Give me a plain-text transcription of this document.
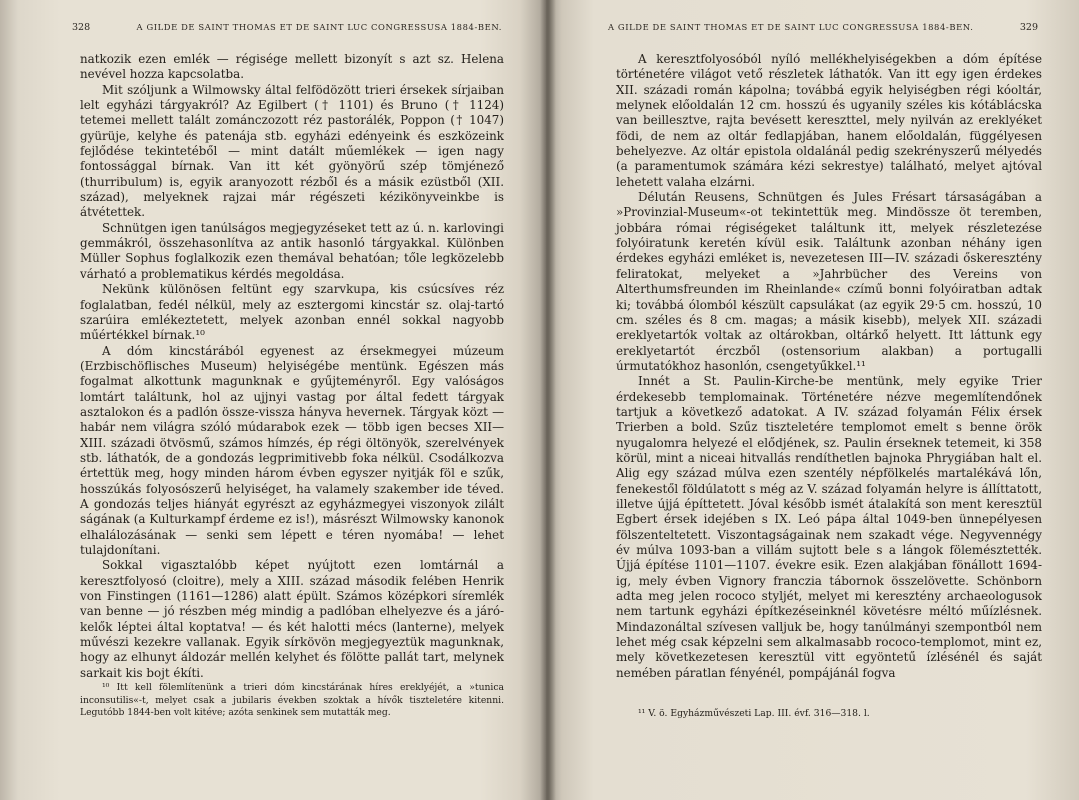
328	A GILDE DE SAINT THOMAS ET DE SAINT LUC CONGRESSUSA 1884-BEN.

natkozik ezen emlék — régisége mellett bizonyít s azt sz. Helena nevével hozza kapcsolatba.

Mit szóljunk a Wilmowsky által felfödözött trieri érsekek sírjaiban lelt egyházi tárgyakról? Az Egilbert († 1101) és Bruno († 1124) tetemei mellett talált zománczozott réz pastorálék, Poppon († 1047) gyürüje, kelyhe és patenája stb. egyházi edényeink és eszközeink fejlődése tekintetéből — mint datált műemlékek — igen nagy fontossággal bírnak. Van itt két gyönyörű szép tömjénező (thurribulum) is, egyik aranyozott rézből és a másik ezüstből (XII. század), melyeknek rajzai már régészeti kézikönyveinkbe is átvétettek.

Schnütgen igen tanúlságos megjegyzéseket tett az ú. n. karlovingi gemmákról, összehasonlítva az antik hasonló tárgyakkal. Különben Müller Sophus foglalkozik ezen themával behatóan; tőle legközelebb várható a problematikus kérdés megoldása.

Nekünk különösen feltünt egy szarvkupa, kis csúcsíves réz foglalatban, fedél nélkül, mely az esztergomi kincstár sz. olaj-tartó szarúira emlékeztetett, melyek azonban ennél sokkal nagyobb műértékkel bírnak.¹⁰

A dóm kincstárából egyenest az érsekmegyei múzeum (Erzbischöflisches Museum) helyiségébe mentünk. Egészen más fogalmat alkottunk magunknak e gyűjteményről. Egy valóságos lomtárt találtunk, hol az ujjnyi vastag por által fedett tárgyak asztalokon és a padlón össze-vissza hányva hevernek. Tárgyak közt — habár nem világra szóló múdarabok ezek — több igen becses XII—XIII. századi ötvösmű, számos hímzés, ép régi öltönyök, szerelvények stb. láthatók, de a gondozás legprimitivebb foka nélkül. Csodálkozva értettük meg, hogy minden három évben egyszer nyitják föl e szűk, hosszúkás folyosószerű helyiséget, ha valamely szakember ide téved. A gondozás teljes hiányát egyrészt az egyházmegyei viszonyok zilált ságának (a Kulturkampf érdeme ez is!), másrészt Wilmowsky kanonok elhalálozásának — senki sem lépett e téren nyomába! — lehet tulajdonítani.

Sokkal vigasztalóbb képet nyújtott ezen lomtárnál a keresztfolyosó (cloitre), mely a XIII. század második felében Henrik von Finstingen (1161—1286) alatt épült. Számos középkori síremlék van benne — jó részben még mindig a padlóban elhelyezve és a járó-kelők léptei által koptatva! — és két halotti mécs (lanterne), melyek művészi kezekre vallanak. Egyik sírkövön megjegyeztük magunknak, hogy az elhunyt áldozár mellén kelyhet és fölötte pallát tart, melynek sarkait kis bojt ékíti.

¹⁰ Itt kell fölemlítenünk a trieri dóm kincstárának híres ereklyéjét, a »tunica inconsutilis«-t, melyet csak a jubilaris években szoktak a hívők tiszteletére kitenni. Legutóbb 1844-ben volt kitéve; azóta senkinek sem mutatták meg.

A GILDE DE SAINT THOMAS ET DE SAINT LUC CONGRESSUSA 1884-BEN.	329

A keresztfolyosóból nyíló mellékhelyiségekben a dóm építése történetére világot vető részletek láthatók. Van itt egy igen érdekes XII. századi román kápolna; továbbá egyik helyiségben régi kóoltár, melynek előoldalán 12 cm. hosszú és ugyanily széles kis kótáblácska van beillesztve, rajta bevésett kereszttel, mely nyilván az ereklyéket födi, de nem az oltár fedlapjában, hanem előoldalán, függélyesen behelyezve. Az oltár epistola oldalánál pedig szekrényszerű mélyedés (a paramentumok számára kézi sekrestye) található, melyet ajtóval lehetett valaha elzárni.

Délután Reusens, Schnütgen és Jules Frésart társaságában a »Provinzial-Museum«-ot tekintettük meg. Mindössze öt teremben, jobbára római régiségeket találtunk itt, melyek részletezése folyóiratunk keretén kívül esik. Találtunk azonban néhány igen érdekes egyházi emléket is, nevezetesen III—IV. századi őskeresztény feliratokat, melyeket a »Jahrbücher des Vereins von Alterthumsfreunden im Rheinlande« czímű bonni folyóiratban adtak ki; továbbá ólomból készült capsulákat (az egyik 29·5 cm. hosszú, 10 cm. széles és 8 cm. magas; a másik kisebb), melyek XII. századi ereklyetartók voltak az oltárokban, oltárkő helyett. Itt láttunk egy ereklyetartót érczből (ostensorium alakban) a portugalli úrmutatókhoz hasonlón, csengetyűkkel.¹¹

Innét a St. Paulin-Kirche-be mentünk, mely egyike Trier érdekesebb templomainak. Történetére nézve megemlítendőnek tartjuk a következő adatokat. A IV. század folyamán Félix érsek Trierben a bold. Szűz tiszteletére templomot emelt s benne örök nyugalomra helyezé el elődjének, sz. Paulin érseknek tetemeit, ki 358 körül, mint a niceai hitvallás rendíthetlen bajnoka Phrygiában halt el. Alig egy század múlva ezen szentély népfölkelés martalékává lőn, fenekestől földúlatott s még az V. század folyamán helyre is állíttatott, illetve újjá építtetett. Jóval később ismét átalakítá son ment keresztül Egbert érsek idejében s IX. Leó pápa által 1049-ben ünnepélyesen fölszenteltetett. Viszontagságainak nem szakadt vége. Negyvennégy év múlva 1093-ban a villám sujtott bele s a lángok fölemésztették. Újjá építése 1101—1107. évekre esik. Ezen alakjában fönállott 1694-ig, mely évben Vignory franczia tábornok összelövette. Schönborn adta meg jelen rococo styljét, melyet mi keresztény archaeologusok nem tartunk egyházi építkezéseinknél követésre méltó műízlésnek. Mindazonáltal szívesen valljuk be, hogy tanúlmányi szempontból nem lehet még csak képzelni sem alkalmasabb rococo-templomot, mint ez, mely következetesen keresztül vitt egyöntetű ízlésénél és saját nemében páratlan fényénél, pompájánál fogva

¹¹ V. ö. Egyházművészeti Lap. III. évf. 316—318. l.
